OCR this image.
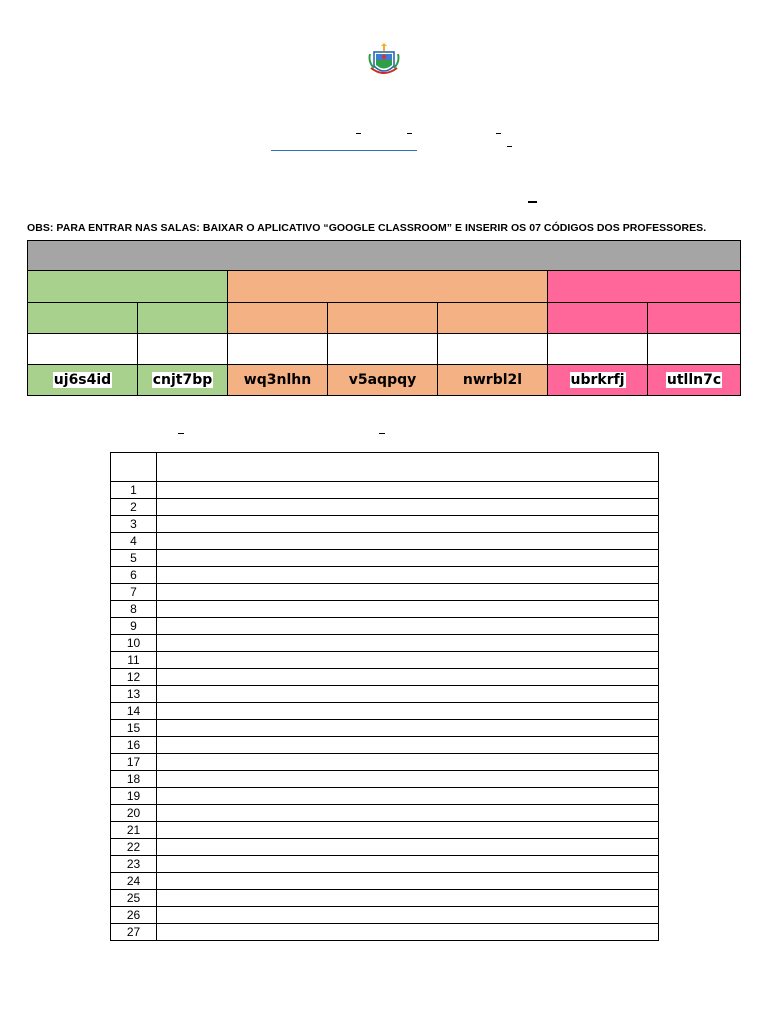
OBS: PARA ENTRAR NAS SALAS: BAIXAR O APLICATIVO “GOOGLE CLASSROOM” E INSERIR OS 07 CÓDIGOS DOS PROFESSORES.
uj6s4id	cnjt7bp	wq3nlhn	v5aqpqy	nwrbl2l	ubrkrfj	utlln7c

1	
2	
3	
4	
5	
6	
7	
8	
9	
10	
11	
12	
13	
14	
15	
16	
17	
18	
19	
20	
21	
22	
23	
24	
25	
26	
27	
